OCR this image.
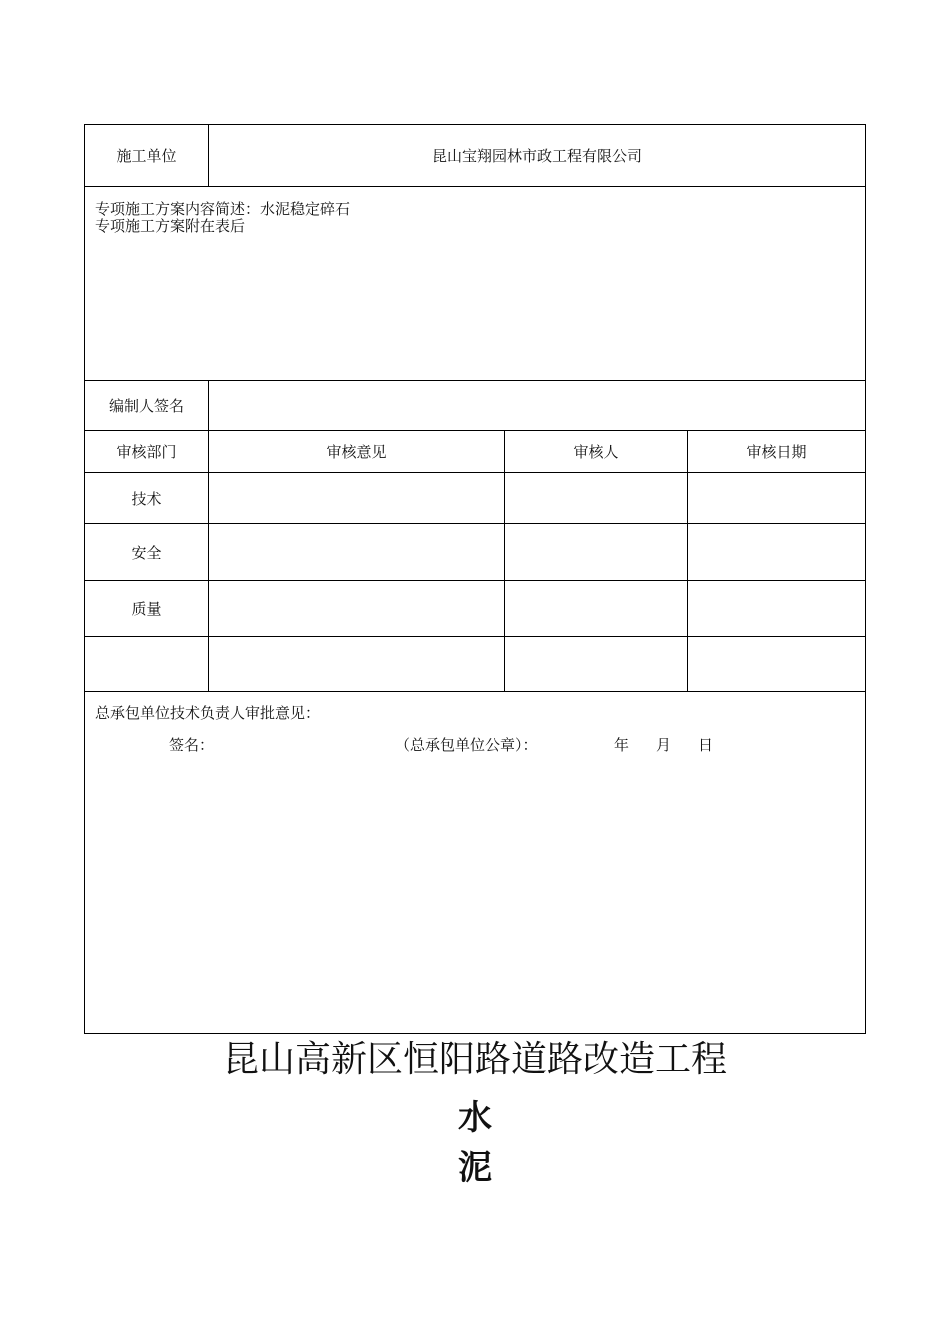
施工单位	昆山宝翔园林市政工程有限公司
专项施工方案内容简述：水泥稳定碎石
专项施工方案附在表后
编制人签名
审核部门	审核意见	审核人	审核日期
技术
安全
质量
总承包单位技术负责人审批意见：
签名：	（总承包单位公章）：	年 月 日
昆山高新区恒阳路道路改造工程
水
泥
